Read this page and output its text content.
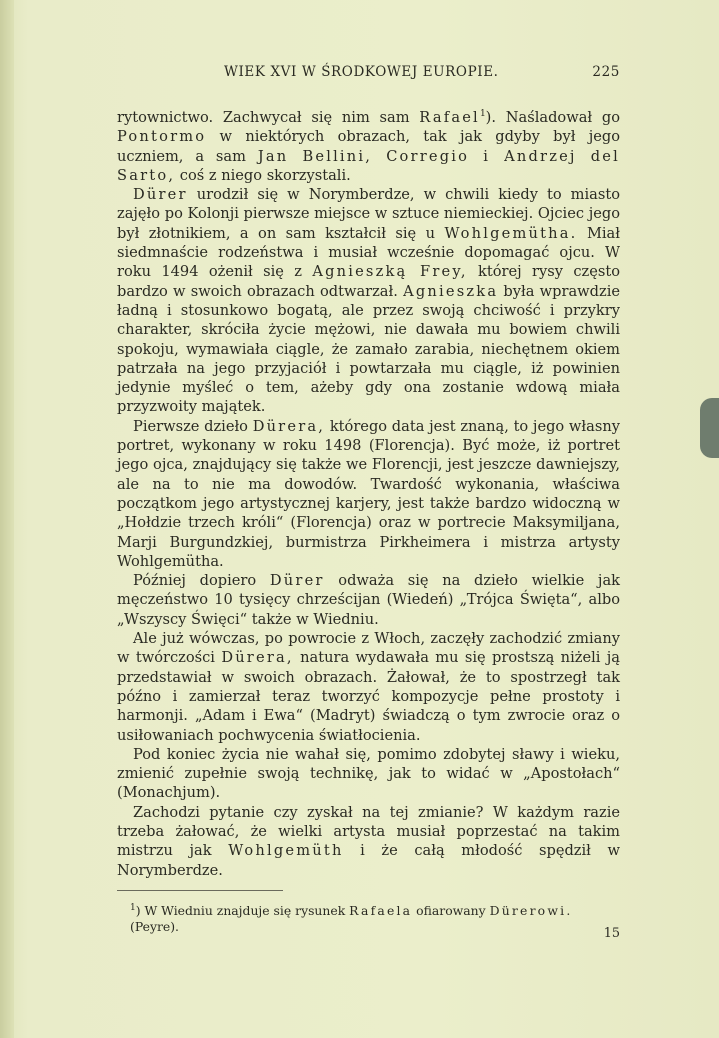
WIEK XVI W ŚRODKOWEJ EUROPIE.	225

rytownictwo. Zachwycał się nim sam Rafael$^1$). Naśladował go Pontormo w niektórych obrazach, tak jak gdyby był jego uczniem, a sam Jan Bellini, Corregio i Andrzej del Sarto, coś z niego skorzystali.

Dürer urodził się w Norymberdze, w chwili kiedy to miasto zajęło po Kolonji pierwsze miejsce w sztuce niemieckiej. Ojciec jego był złotnikiem, a on sam kształcił się u Wohlgemütha. Miał siedmnaście rodzeństwa i musiał wcześnie dopomagać ojcu. W roku 1494 ożenił się z Agnieszką Frey, której rysy często bardzo w swoich obrazach odtwarzał. Agnieszka była wprawdzie ładną i stosunkowo bogatą, ale przez swoją chciwość i przykry charakter, skróciła życie mężowi, nie dawała mu bowiem chwili spokoju, wymawiała ciągle, że zamało zarabia, niechętnem okiem patrzała na jego przyjaciół i powtarzała mu ciągle, iż powinien jedynie myśleć o tem, ażeby gdy ona zostanie wdową miała przyzwoity majątek.

Pierwsze dzieło Dürera, którego data jest znaną, to jego własny portret, wykonany w roku 1498 (Florencja). Być może, iż portret jego ojca, znajdujący się także we Florencji, jest jeszcze dawniejszy, ale na to nie ma dowodów. Twardość wykonania, właściwa początkom jego artystycznej karjery, jest także bardzo widoczną w „Hołdzie trzech króli“ (Florencja) oraz w portrecie Maksymiljana, Marji Burgundzkiej, burmistrza Pirkheimera i mistrza artysty Wohlgemütha.

Później dopiero Dürer odważa się na dzieło wielkie jak męczeństwo 10 tysięcy chrześcijan (Wiedeń) „Trójca Święta“, albo „Wszyscy Święci“ także w Wiedniu.

Ale już wówczas, po powrocie z Włoch, zaczęły zachodzić zmiany w twórczości Dürera, natura wydawała mu się prostszą niżeli ją przedstawiał w swoich obrazach. Żałował, że to spostrzegł tak późno i zamierzał teraz tworzyć kompozycje pełne prostoty i harmonji. „Adam i Ewa“ (Madryt) świadczą o tym zwrocie oraz o usiłowaniach pochwycenia światłocienia.

Pod koniec życia nie wahał się, pomimo zdobytej sławy i wieku, zmienić zupełnie swoją technikę, jak to widać w „Apostołach“ (Monachjum).

Zachodzi pytanie czy zyskał na tej zmianie? W każdym razie trzeba żałować, że wielki artysta musiał poprzestać na takim mistrzu jak Wohlgemüth i że całą młodość spędził w Norymberdze.

$^1$) W Wiedniu znajduje się rysunek Rafaela ofiarowany Dürerowi. (Peyre).	15
